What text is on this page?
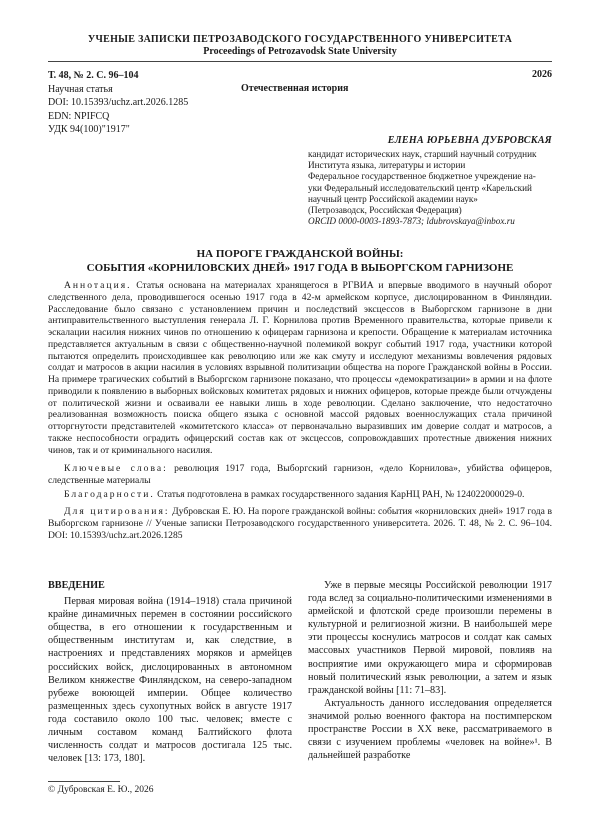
УЧЕНЫЕ ЗАПИСКИ ПЕТРОЗАВОДСКОГО ГОСУДАРСТВЕННОГО УНИВЕРСИТЕТА
Proceedings of Petrozavodsk State University
Т. 48, № 2. С. 96–104
Научная статья
DOI: 10.15393/uchz.art.2026.1285
EDN: NPIFCQ
УДК 94(100)"1917"
2026
Отечественная история
ЕЛЕНА ЮРЬЕВНА ДУБРОВСКАЯ
кандидат исторических наук, старший научный сотрудник
Института языка, литературы и истории
Федеральное государственное бюджетное учреждение на-
уки Федеральный исследовательский центр «Карельский
научный центр Российской академии наук»
(Петрозаводск, Российская Федерация)
ORCID 0000-0003-1893-7873; ldubrovskaya@inbox.ru
НА ПОРОГЕ ГРАЖДАНСКОЙ ВОЙНЫ:
СОБЫТИЯ «КОРНИЛОВСКИХ ДНЕЙ» 1917 ГОДА В ВЫБОРГСКОМ ГАРНИЗОНЕ
Аннотация. Статья основана на материалах хранящегося в РГВИА и впервые вводимого в научный оборот следственного дела, проводившегося осенью 1917 года в 42-м армейском корпусе, дислоцированном в Финляндии. Расследование было связано с установлением причин и последствий эксцессов в Выборгском гарнизоне в дни антиправительственного выступления генерала Л. Г. Корнилова против Временного правительства, которые привели к эскалации насилия нижних чинов по отношению к офицерам гарнизона и крепости. Обращение к материалам источника представляется актуальным в связи с общественно-научной полемикой вокруг событий 1917 года, участники которой пытаются определить происходившее как революцию или же как смуту и исследуют механизмы вовлечения рядовых солдат и матросов в акции насилия в условиях взрывной политизации общества на пороге Гражданской войны в России. На примере трагических событий в Выборгском гарнизоне показано, что процессы «демократизации» в армии и на флоте приводили к появлению в выборных войсковых комитетах рядовых и нижних офицеров, которые прежде были отчуждены от политической жизни и осваивали ее навыки лишь в ходе революции. Сделано заключение, что недостаточно реализованная возможность поиска общего языка с основной массой рядовых военнослужащих стала причиной отторгнутости представителей «комитетского класса» от первоначально выразивших им доверие солдат и матросов, а также неспособности оградить офицерский состав как от эксцессов, сопровождавших протестные движения нижних чинов, так и от криминального насилия.
Ключевые слова: революция 1917 года, Выборгский гарнизон, «дело Корнилова», убийства офицеров, следственные материалы
Благодарности. Статья подготовлена в рамках государственного задания КарНЦ РАН, № 124022000029-0.
Для цитирования: Дубровская Е. Ю. На пороге гражданской войны: события «корниловских дней» 1917 года в Выборгском гарнизоне // Ученые записки Петрозаводского государственного университета. 2026. Т. 48, № 2. С. 96–104. DOI: 10.15393/uchz.art.2026.1285

ВВЕДЕНИЕ

Первая мировая война (1914–1918) стала причиной крайне динамичных перемен в состоянии российского общества, в его отношении к государственным и общественным институтам и, как следствие, в настроениях и представлениях моряков и армейцев российских войск, дислоцированных в автономном Великом княжестве Финляндском, на северо-западном рубеже воюющей империи. Общее количество размещенных здесь сухопутных войск в августе 1917 года составило около 100 тыс. человек; вместе с личным составом команд Балтийского флота численность солдат и матросов достигала 125 тыс. человек [13: 173, 180].

Уже в первые месяцы Российской революции 1917 года вслед за социально-политическими изменениями в армейской и флотской среде произошли перемены в культурной и религиозной жизни. В наибольшей мере эти процессы коснулись матросов и солдат как самых массовых участников Первой мировой, повлияв на восприятие ими окружающего мира и сформировав новый политический язык революции, а затем и язык гражданской войны [11: 71–83].

Актуальность данного исследования определяется значимой ролью военного фактора на постимперском пространстве России в XX веке, рассматриваемого в связи с изучением проблемы «человек на войне»¹. В дальнейшей разработке

© Дубровская Е. Ю., 2026
